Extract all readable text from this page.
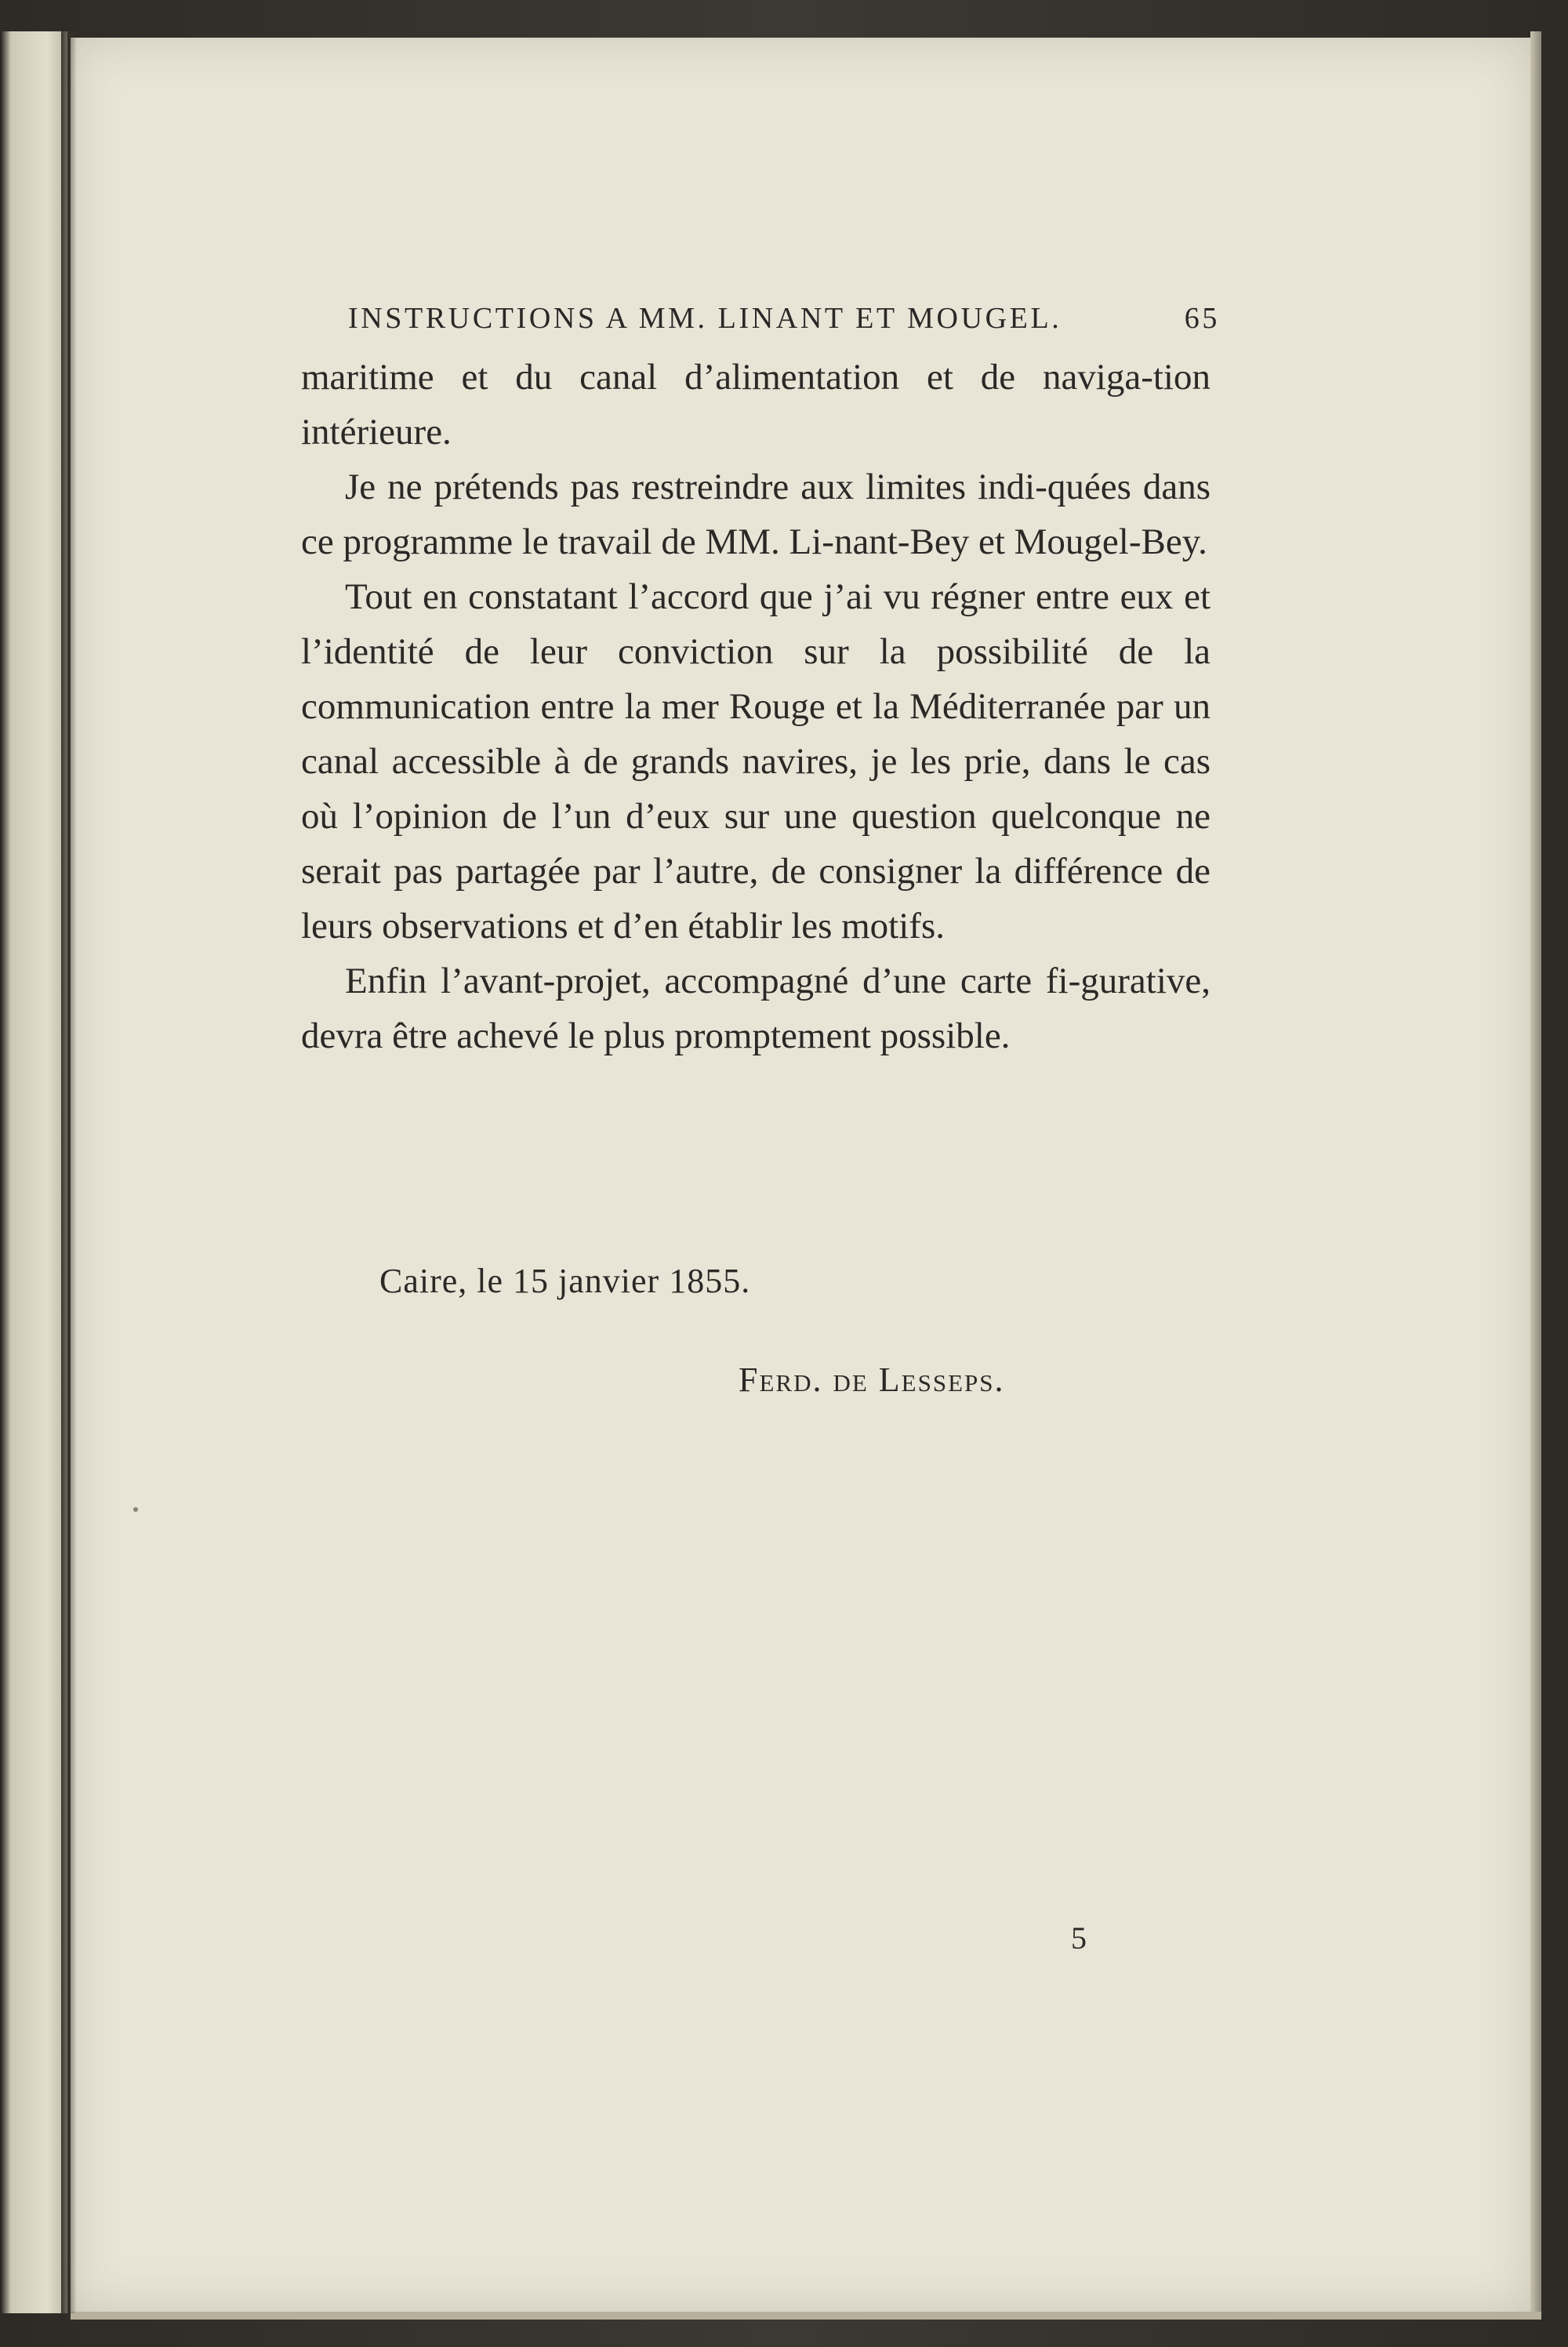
INSTRUCTIONS A MM. LINANT ET MOUGEL.	65

maritime et du canal d’alimentation et de naviga-tion intérieure.

Je ne prétends pas restreindre aux limites indi-quées dans ce programme le travail de MM. Li-nant-Bey et Mougel-Bey.

Tout en constatant l’accord que j’ai vu régner entre eux et l’identité de leur conviction sur la possibilité de la communication entre la mer Rouge et la Méditerranée par un canal accessible à de grands navires, je les prie, dans le cas où l’opinion de l’un d’eux sur une question quelconque ne serait pas partagée par l’autre, de consigner la différence de leurs observations et d’en établir les motifs.

Enfin l’avant-projet, accompagné d’une carte fi-gurative, devra être achevé le plus promptement possible.

Caire, le 15 janvier 1855.
Ferd. de Lesseps.
5
